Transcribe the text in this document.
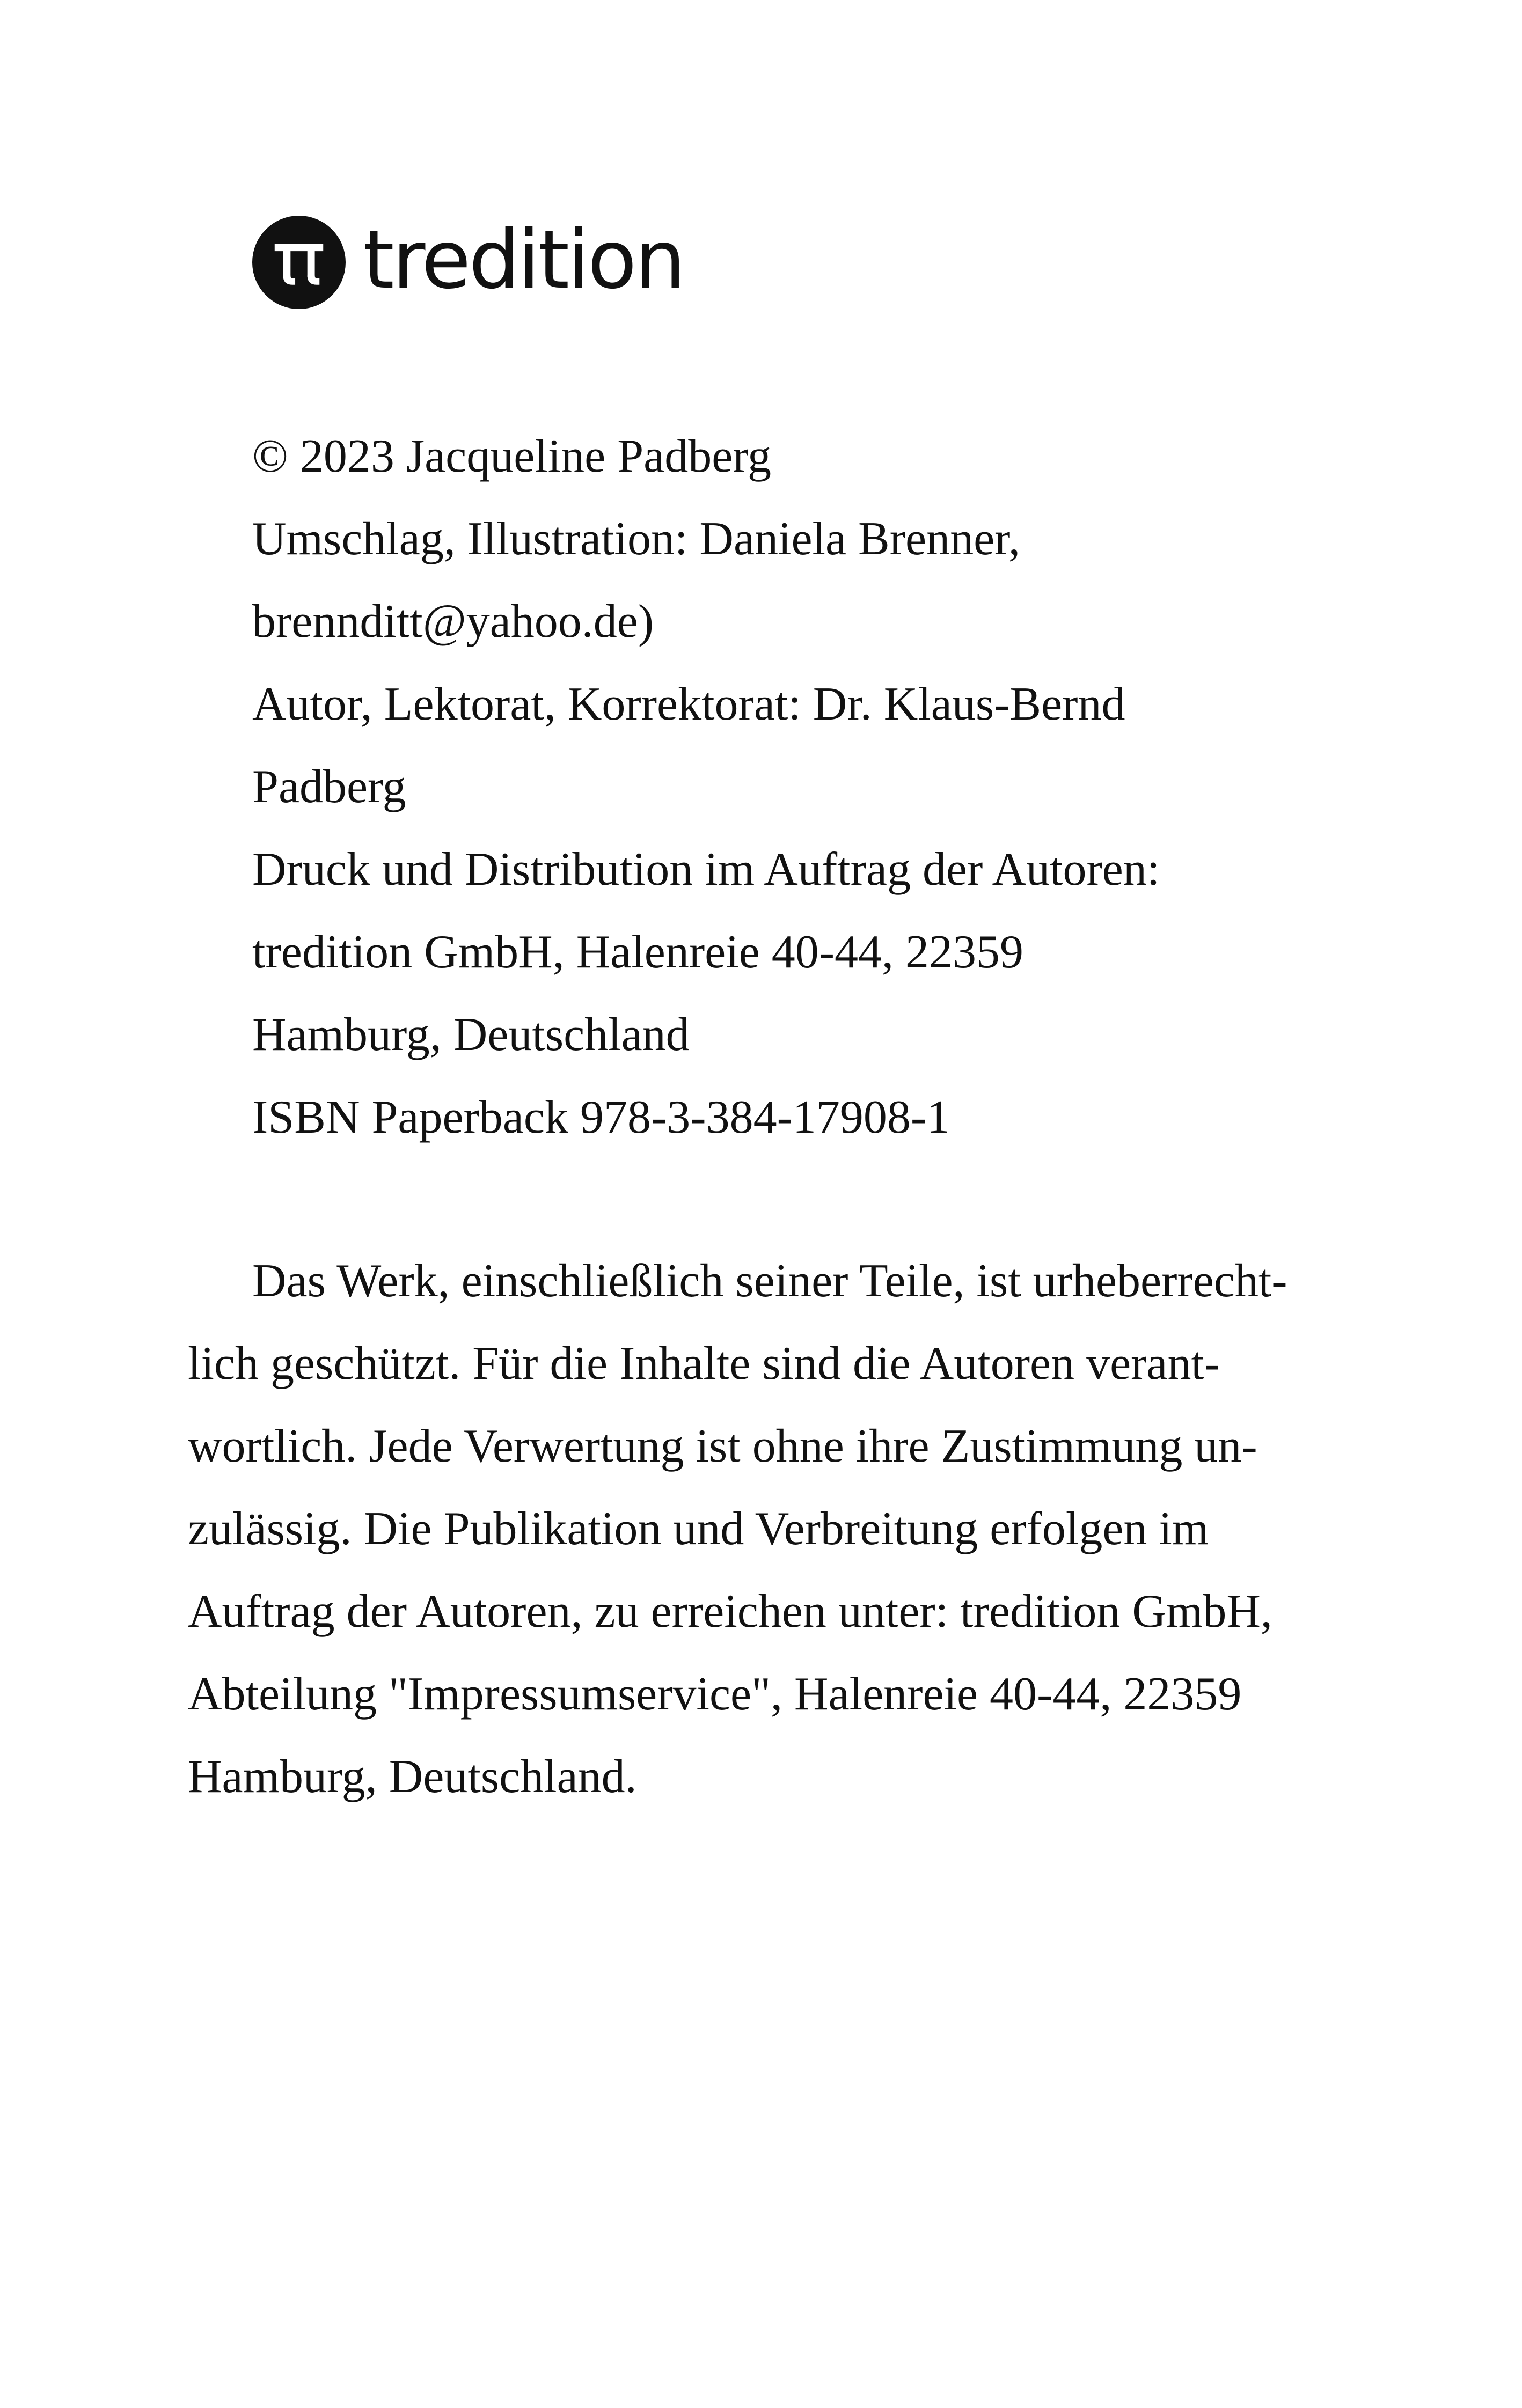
tredition
© 2023 Jacqueline Padberg
Umschlag, Illustration: Daniela Brenner,
brennditt@yahoo.de)
Autor, Lektorat, Korrektorat: Dr. Klaus-Bernd
Padberg
Druck und Distribution im Auftrag der Autoren:
tredition GmbH, Halenreie 40-44, 22359
Hamburg, Deutschland
ISBN Paperback 978-3-384-17908-1
Das Werk, einschließlich seiner Teile, ist urheberrecht-
lich geschützt. Für die Inhalte sind die Autoren verant-
wortlich. Jede Verwertung ist ohne ihre Zustimmung un-
zulässig. Die Publikation und Verbreitung erfolgen im
Auftrag der Autoren, zu erreichen unter: tredition GmbH,
Abteilung "Impressumservice", Halenreie 40-44, 22359
Hamburg, Deutschland.
